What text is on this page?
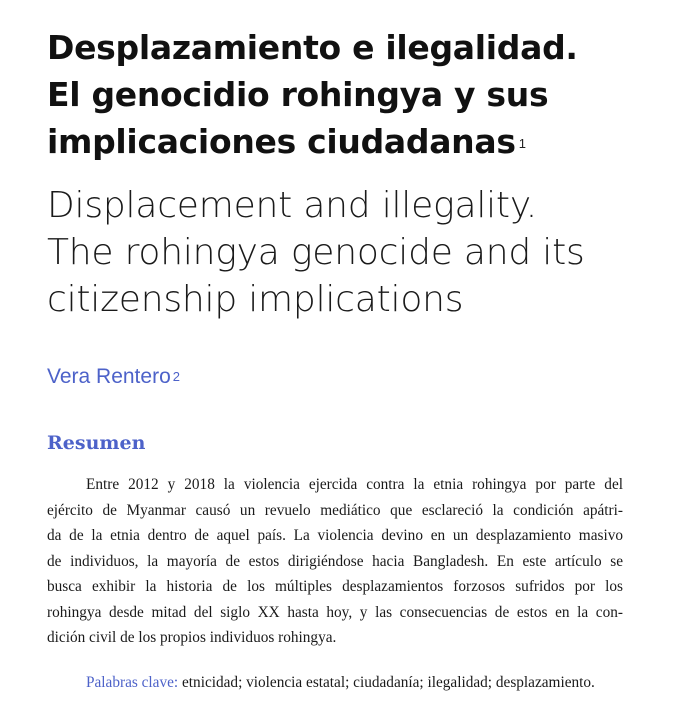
Desplazamiento e ilegalidad.
El genocidio rohingya y sus
implicaciones ciudadanas $^1$
Displacement and illegality.
The rohingya genocide and its
citizenship implications

Vera Rentero $^2$

Resumen
Entre 2012 y 2018 la violencia ejercida contra la etnia rohingya por parte del
ejército de Myanmar causó un revuelo mediático que esclareció la condición apátri-
da de la etnia dentro de aquel país. La violencia devino en un desplazamiento masivo
de individuos, la mayoría de estos dirigiéndose hacia Bangladesh. En este artículo se
busca exhibir la historia de los múltiples desplazamientos forzosos sufridos por los
rohingya desde mitad del siglo XX hasta hoy, y las consecuencias de estos en la con-
dición civil de los propios individuos rohingya.
Palabras clave: etnicidad; violencia estatal; ciudadanía; ilegalidad; desplazamiento.
